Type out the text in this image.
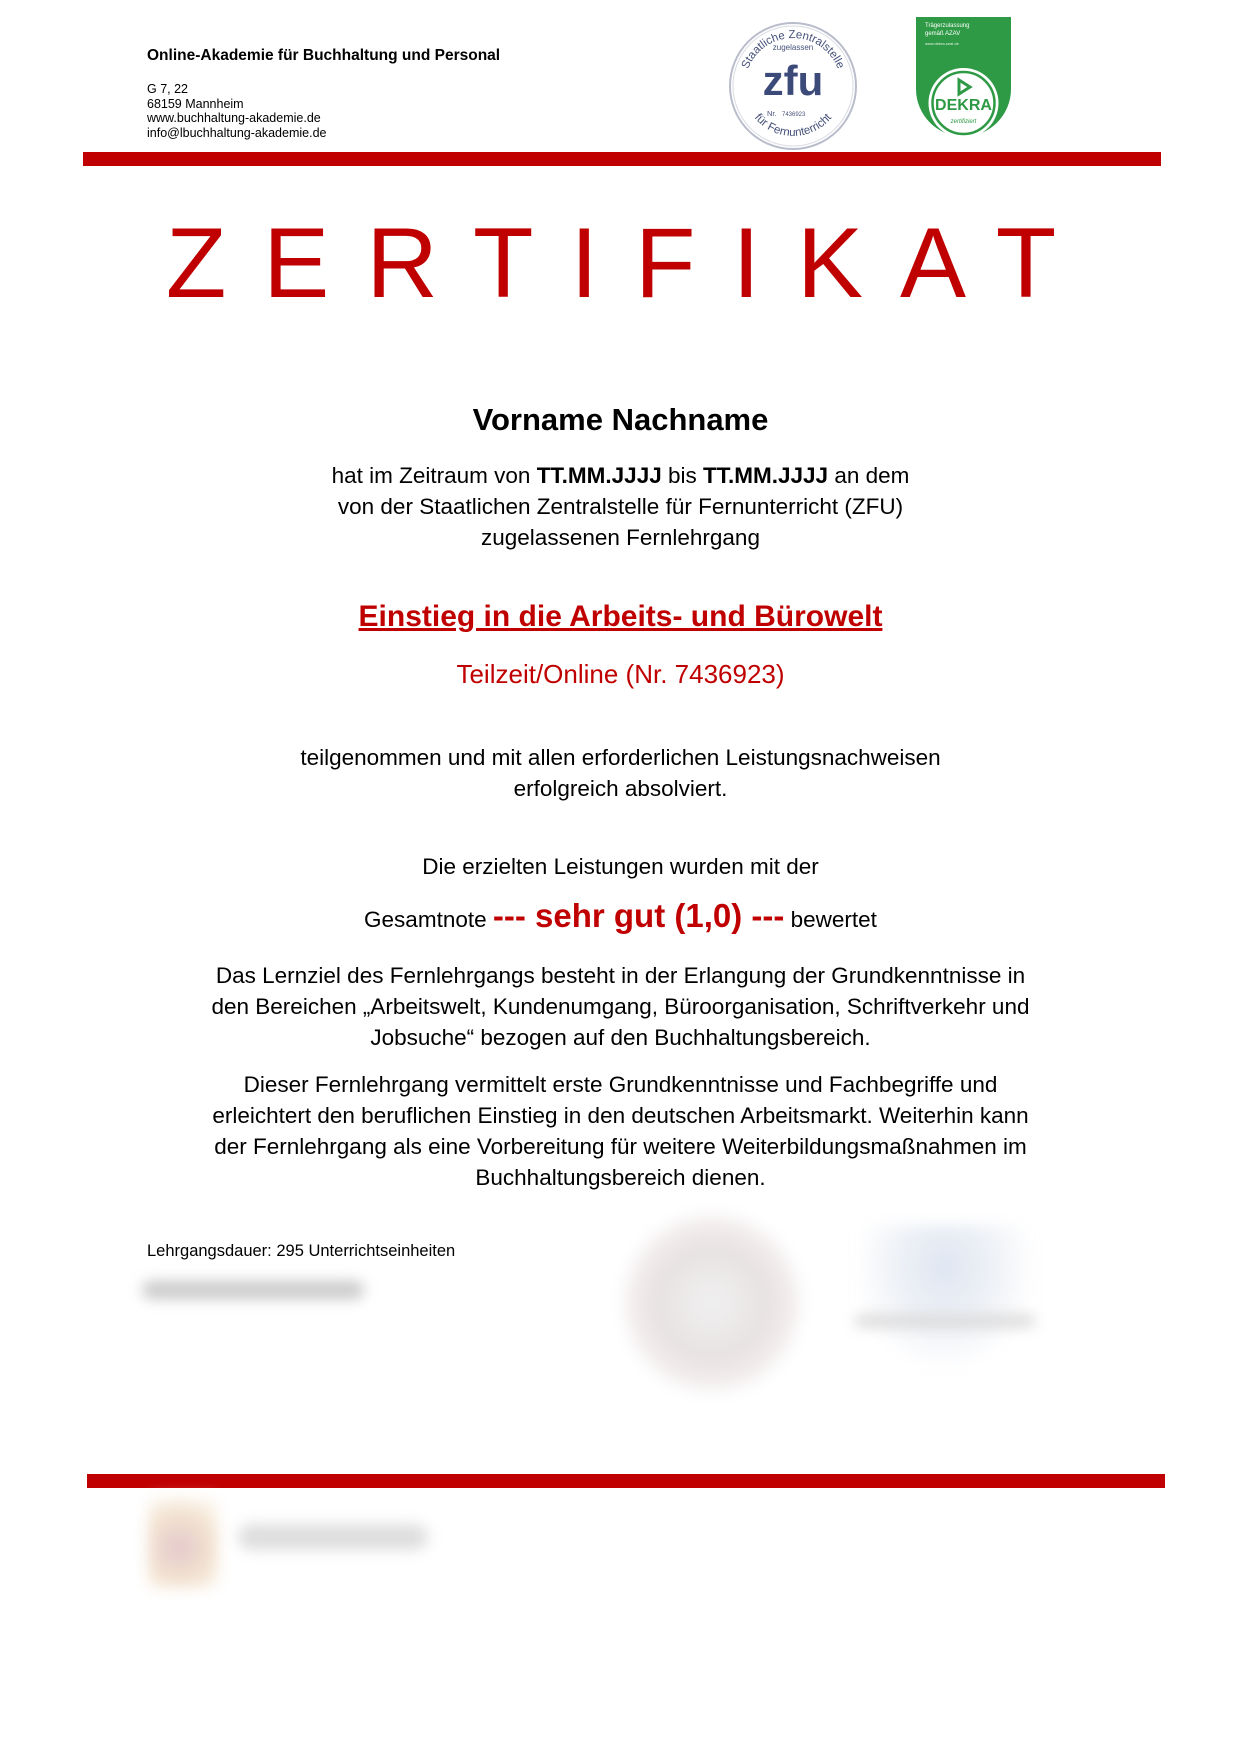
Online-Akademie für Buchhaltung und Personal
G 7, 22
68159 Mannheim
www.buchhaltung-akademie.de
info@lbuchhaltung-akademie.de
Staatliche Zentralstelle
zugelassen
zfu
Nr. 7436923
für Fernunterricht
Trägerzulassung
gemäß AZAV
www.dekra-seal.de
DEKRA
zertifiziert
ZERTIFIKAT
Vorname Nachname
hat im Zeitraum von TT.MM.JJJJ bis TT.MM.JJJJ an dem
von der Staatlichen Zentralstelle für Fernunterricht (ZFU)
zugelassenen Fernlehrgang
Einstieg in die Arbeits- und Bürowelt
Teilzeit/Online (Nr. 7436923)
teilgenommen und mit allen erforderlichen Leistungsnachweisen
erfolgreich absolviert.
Die erzielten Leistungen wurden mit der
Gesamtnote --- sehr gut (1,0) --- bewertet
Das Lernziel des Fernlehrgangs besteht in der Erlangung der Grundkenntnisse in
den Bereichen „Arbeitswelt, Kundenumgang, Büroorganisation, Schriftverkehr und
Jobsuche“ bezogen auf den Buchhaltungsbereich.
Dieser Fernlehrgang vermittelt erste Grundkenntnisse und Fachbegriffe und
erleichtert den beruflichen Einstieg in den deutschen Arbeitsmarkt. Weiterhin kann
der Fernlehrgang als eine Vorbereitung für weitere Weiterbildungsmaßnahmen im
Buchhaltungsbereich dienen.
Lehrgangsdauer: 295 Unterrichtseinheiten
